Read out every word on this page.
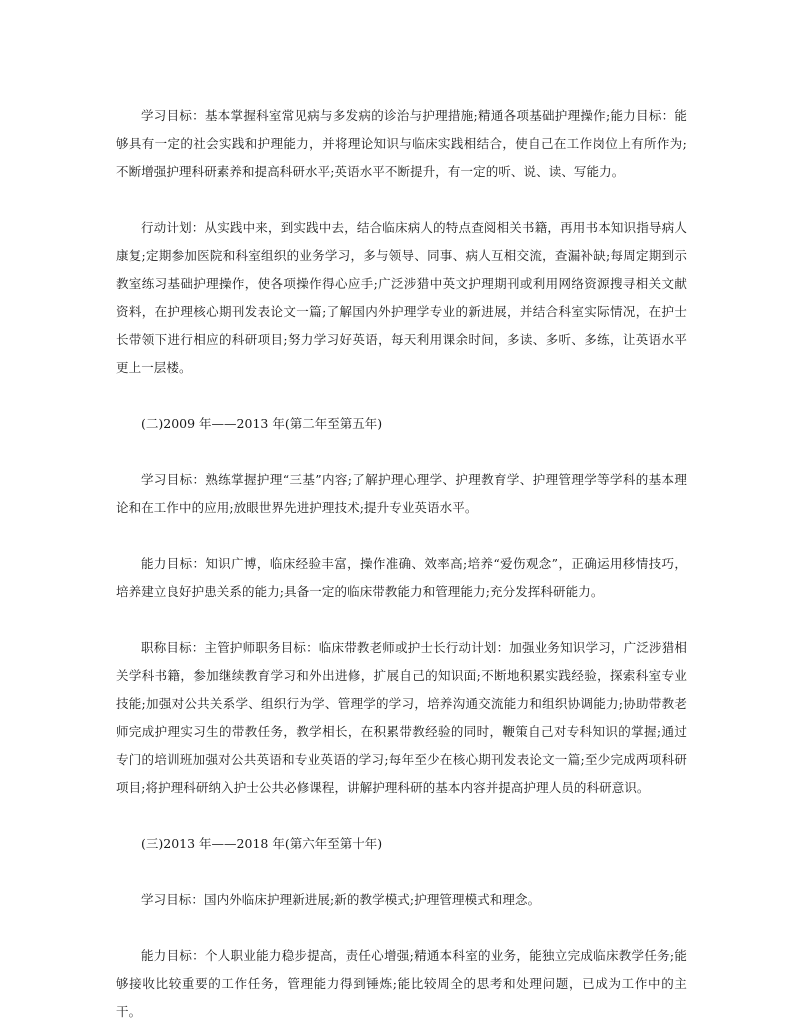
学习目标：基本掌握科室常见病与多发病的诊治与护理措施;精通各项基础护理操作;能力目标：能够具有一定的社会实践和护理能力，并将理论知识与临床实践相结合，使自己在工作岗位上有所作为;不断增强护理科研素养和提高科研水平;英语水平不断提升，有一定的听、说、读、写能力。

行动计划：从实践中来，到实践中去，结合临床病人的特点查阅相关书籍，再用书本知识指导病人康复;定期参加医院和科室组织的业务学习，多与领导、同事、病人互相交流，查漏补缺;每周定期到示教室练习基础护理操作，使各项操作得心应手;广泛涉猎中英文护理期刊或利用网络资源搜寻相关文献资料，在护理核心期刊发表论文一篇;了解国内外护理学专业的新进展，并结合科室实际情况，在护士长带领下进行相应的科研项目;努力学习好英语，每天利用课余时间，多读、多听、多练，让英语水平更上一层楼。

(二)2009 年——2013 年(第二年至第五年)

学习目标：熟练掌握护理“三基”内容;了解护理心理学、护理教育学、护理管理学等学科的基本理论和在工作中的应用;放眼世界先进护理技术;提升专业英语水平。

能力目标：知识广博，临床经验丰富，操作准确、效率高;培养“爱伤观念”，正确运用移情技巧，培养建立良好护患关系的能力;具备一定的临床带教能力和管理能力;充分发挥科研能力。

职称目标：主管护师职务目标：临床带教老师或护士长行动计划：加强业务知识学习，广泛涉猎相关学科书籍，参加继续教育学习和外出进修，扩展自己的知识面;不断地积累实践经验，探索科室专业技能;加强对公共关系学、组织行为学、管理学的学习，培养沟通交流能力和组织协调能力;协助带教老师完成护理实习生的带教任务，教学相长，在积累带教经验的同时，鞭策自己对专科知识的掌握;通过专门的培训班加强对公共英语和专业英语的学习;每年至少在核心期刊发表论文一篇;至少完成两项科研项目;将护理科研纳入护士公共必修课程，讲解护理科研的基本内容并提高护理人员的科研意识。

(三)2013 年——2018 年(第六年至第十年)

学习目标：国内外临床护理新进展;新的教学模式;护理管理模式和理念。

能力目标：个人职业能力稳步提高，责任心增强;精通本科室的业务，能独立完成临床教学任务;能够接收比较重要的工作任务，管理能力得到锤炼;能比较周全的思考和处理问题，已成为工作中的主干。
